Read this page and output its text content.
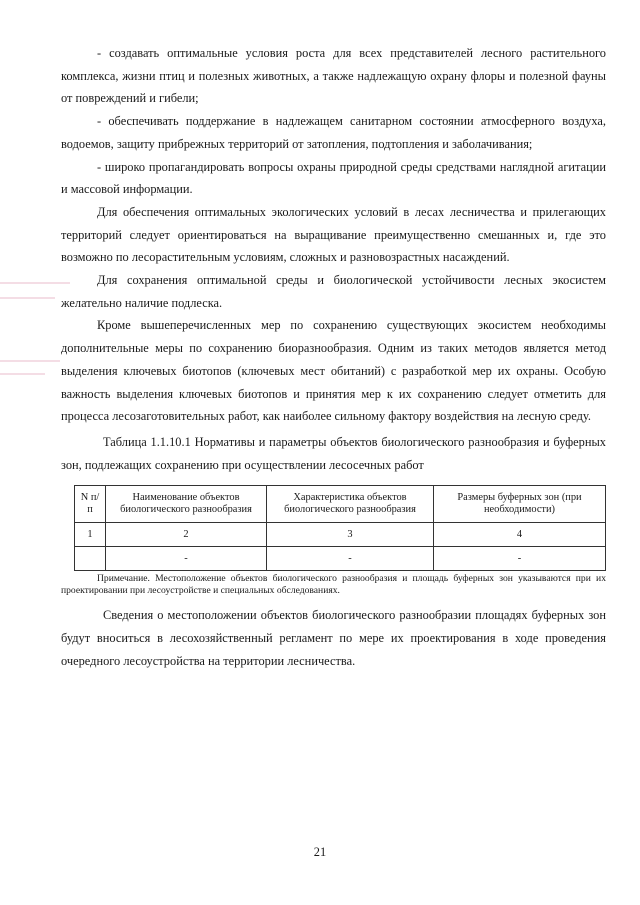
- создавать оптимальные условия роста для всех представителей лесного растительного комплекса, жизни птиц и полезных животных, а также надлежащую охрану флоры и полезной фауны от повреждений и гибели;

- обеспечивать поддержание в надлежащем санитарном состоянии атмосферного воздуха, водоемов, защиту прибрежных территорий от затопления, подтопления и заболачивания;

- широко пропагандировать вопросы охраны природной среды средствами наглядной агитации и массовой информации.

Для обеспечения оптимальных экологических условий в лесах лесничества и прилегающих территорий следует ориентироваться на выращивание преимущественно смешанных и, где это возможно по лесорастительным условиям, сложных и разновозрастных насаждений.

Для сохранения оптимальной среды и биологической устойчивости лесных экосистем желательно наличие подлеска.

Кроме вышеперечисленных мер по сохранению существующих экосистем необходимы дополнительные меры по сохранению биоразнообразия. Одним из таких методов является метод выделения ключевых биотопов (ключевых мест обитаний) с разработкой мер их охраны. Особую важность выделения ключевых биотопов и принятия мер к их сохранению следует отметить для процесса лесозаготовительных работ, как наиболее сильному фактору воздействия на лесную среду.

Таблица 1.1.10.1 Нормативы и параметры объектов биологического разнообразия и буферных зон, подлежащих сохранению при осуществлении лесосечных работ

N п/п	Наименование объектов биологического разнообразия	Характеристика объектов биологического разнообразия	Размеры буферных зон (при необходимости)
1	2	3	4
	-	-	-

Примечание. Местоположение объектов биологического разнообразия и площадь буферных зон указываются при их проектировании при лесоустройстве и специальных обследованиях.

Сведения о местоположении объектов биологического разнообразии площадях буферных зон будут вноситься в лесохозяйственный регламент по мере их проектирования в ходе проведения очередного лесоустройства на территории лесничества.

21
